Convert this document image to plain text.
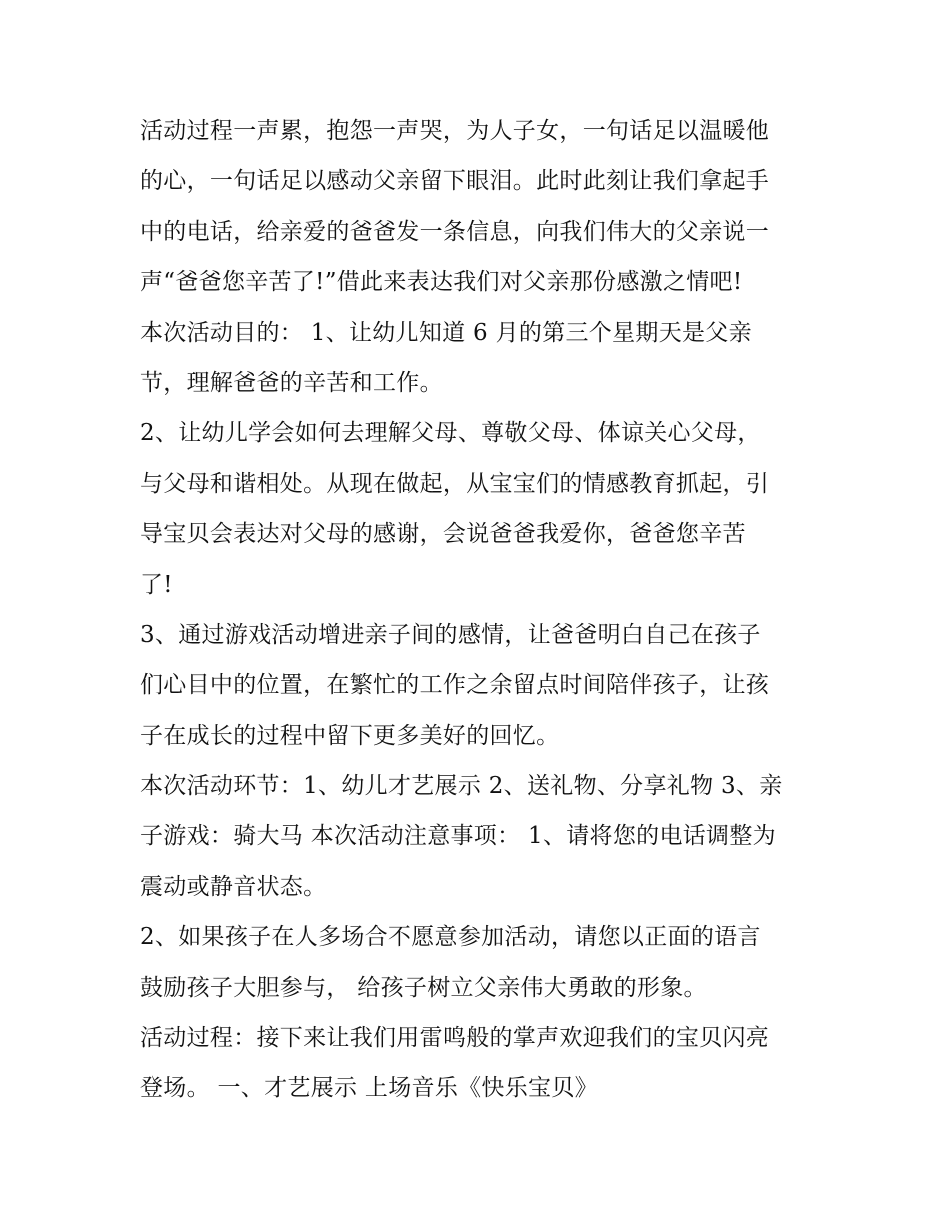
活动过程一声累，抱怨一声哭，为人子女，一句话足以温暖他
的心，一句话足以感动父亲留下眼泪。此时此刻让我们拿起手
中的电话，给亲爱的爸爸发一条信息，向我们伟大的父亲说一
声“爸爸您辛苦了!”借此来表达我们对父亲那份感激之情吧!
本次活动目的： 1、让幼儿知道 6 月的第三个星期天是父亲
节，理解爸爸的辛苦和工作。
2、让幼儿学会如何去理解父母、尊敬父母、体谅关心父母，
与父母和谐相处。从现在做起，从宝宝们的情感教育抓起，引
导宝贝会表达对父母的感谢，会说爸爸我爱你，爸爸您辛苦
了!
3、通过游戏活动增进亲子间的感情，让爸爸明白自己在孩子
们心目中的位置，在繁忙的工作之余留点时间陪伴孩子，让孩
子在成长的过程中留下更多美好的回忆。
本次活动环节：1、幼儿才艺展示 2、送礼物、分享礼物 3、亲
子游戏：骑大马 本次活动注意事项： 1、请将您的电话调整为
震动或静音状态。
2、如果孩子在人多场合不愿意参加活动，请您以正面的语言
鼓励孩子大胆参与， 给孩子树立父亲伟大勇敢的形象。
活动过程：接下来让我们用雷鸣般的掌声欢迎我们的宝贝闪亮
登场。 一、才艺展示 上场音乐《快乐宝贝》
